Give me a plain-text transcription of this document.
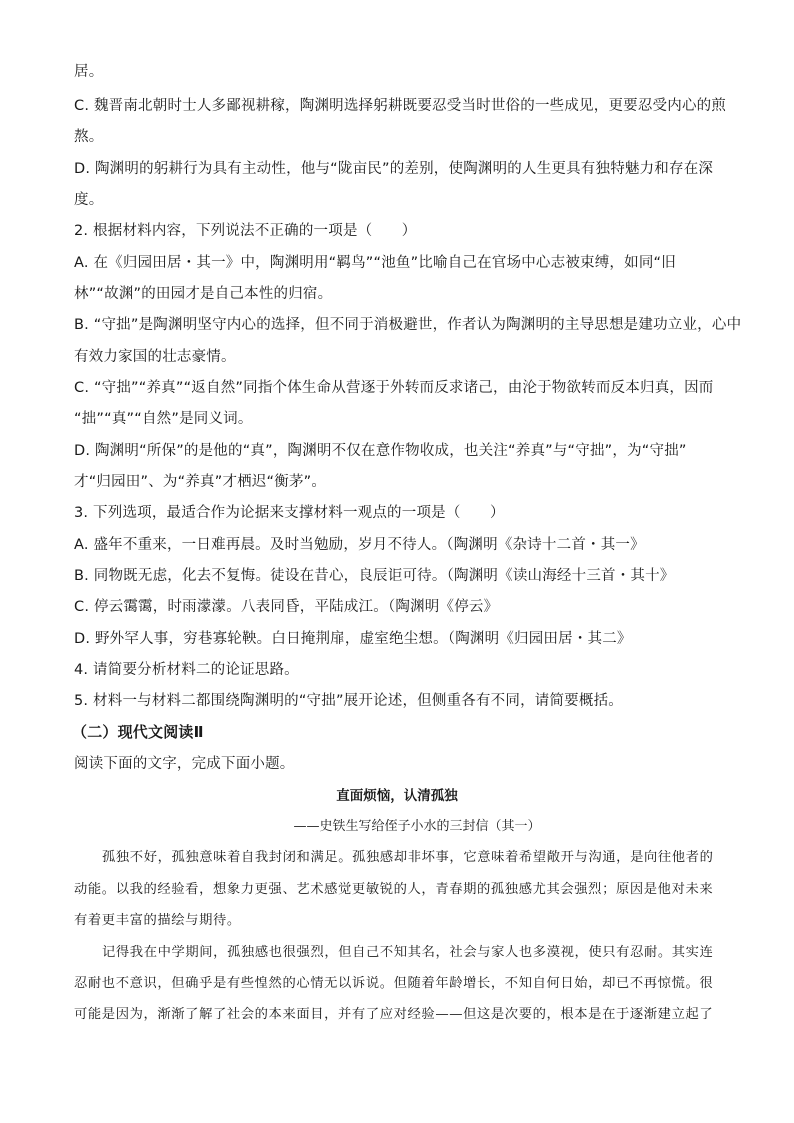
居。
C. 魏晋南北朝时士人多鄙视耕稼，陶渊明选择躬耕既要忍受当时世俗的一些成见，更要忍受内心的煎
熬。
D. 陶渊明的躬耕行为具有主动性，他与“陇亩民”的差别，使陶渊明的人生更具有独特魅力和存在深
度。
2. 根据材料内容，下列说法不正确的一项是（　　）
A. 在《归园田居・其一》中，陶渊明用“羁鸟”“池鱼”比喻自己在官场中心志被束缚，如同“旧
林”“故渊”的田园才是自己本性的归宿。
B. “守拙”是陶渊明坚守内心的选择，但不同于消极避世，作者认为陶渊明的主导思想是建功立业，心中
有效力家国的壮志豪情。
C. “守拙”“养真”“返自然”同指个体生命从营逐于外转而反求诸己，由沦于物欲转而反本归真，因而
“拙”“真”“自然”是同义词。
D. 陶渊明“所保”的是他的“真”，陶渊明不仅在意作物收成，也关注“养真”与“守拙”，为“守拙”
才“归园田”、为“养真”才栖迟“衡茅”。
3. 下列选项，最适合作为论据来支撑材料一观点的一项是（　　）
A. 盛年不重来，一日难再晨。及时当勉励，岁月不待人。（陶渊明《杂诗十二首・其一》
B. 同物既无虑，化去不复悔。徒设在昔心，良辰讵可待。（陶渊明《读山海经十三首・其十》
C. 停云霭霭，时雨濛濛。八表同昏，平陆成江。（陶渊明《停云》
D. 野外罕人事，穷巷寡轮鞅。白日掩荆扉，虚室绝尘想。（陶渊明《归园田居・其二》
4. 请简要分析材料二的论证思路。
5. 材料一与材料二都围绕陶渊明的“守拙”展开论述，但侧重各有不同，请简要概括。
（二）现代文阅读Ⅱ
阅读下面的文字，完成下面小题。
直面烦恼，认清孤独
——史铁生写给侄子小水的三封信（其一）
孤独不好，孤独意味着自我封闭和满足。孤独感却非坏事，它意味着希望敞开与沟通，是向往他者的
动能。以我的经验看，想象力更强、艺术感觉更敏锐的人，青春期的孤独感尤其会强烈；原因是他对未来
有着更丰富的描绘与期待。
记得我在中学期间，孤独感也很强烈，但自己不知其名，社会与家人也多漠视，使只有忍耐。其实连
忍耐也不意识，但确乎是有些惶然的心情无以诉说。但随着年龄增长，不知自何日始，却已不再惊慌。很
可能是因为，渐渐了解了社会的本来面目，并有了应对经验——但这是次要的，根本是在于逐渐建立起了
